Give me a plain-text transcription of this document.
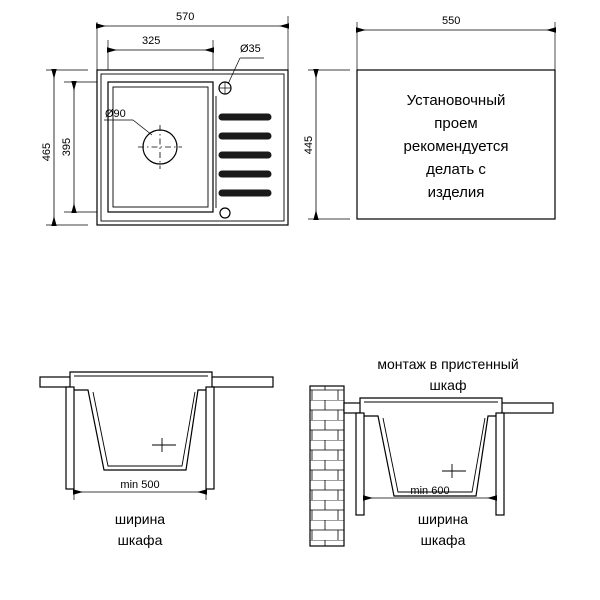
570
325
465 395
Ø90
Ø35
550
445
Установочный
проем
рекомендуется
делать с
изделия
min 500
ширина
шкафа
монтаж в пристенный
шкаф
min 600
ширина
шкафа
